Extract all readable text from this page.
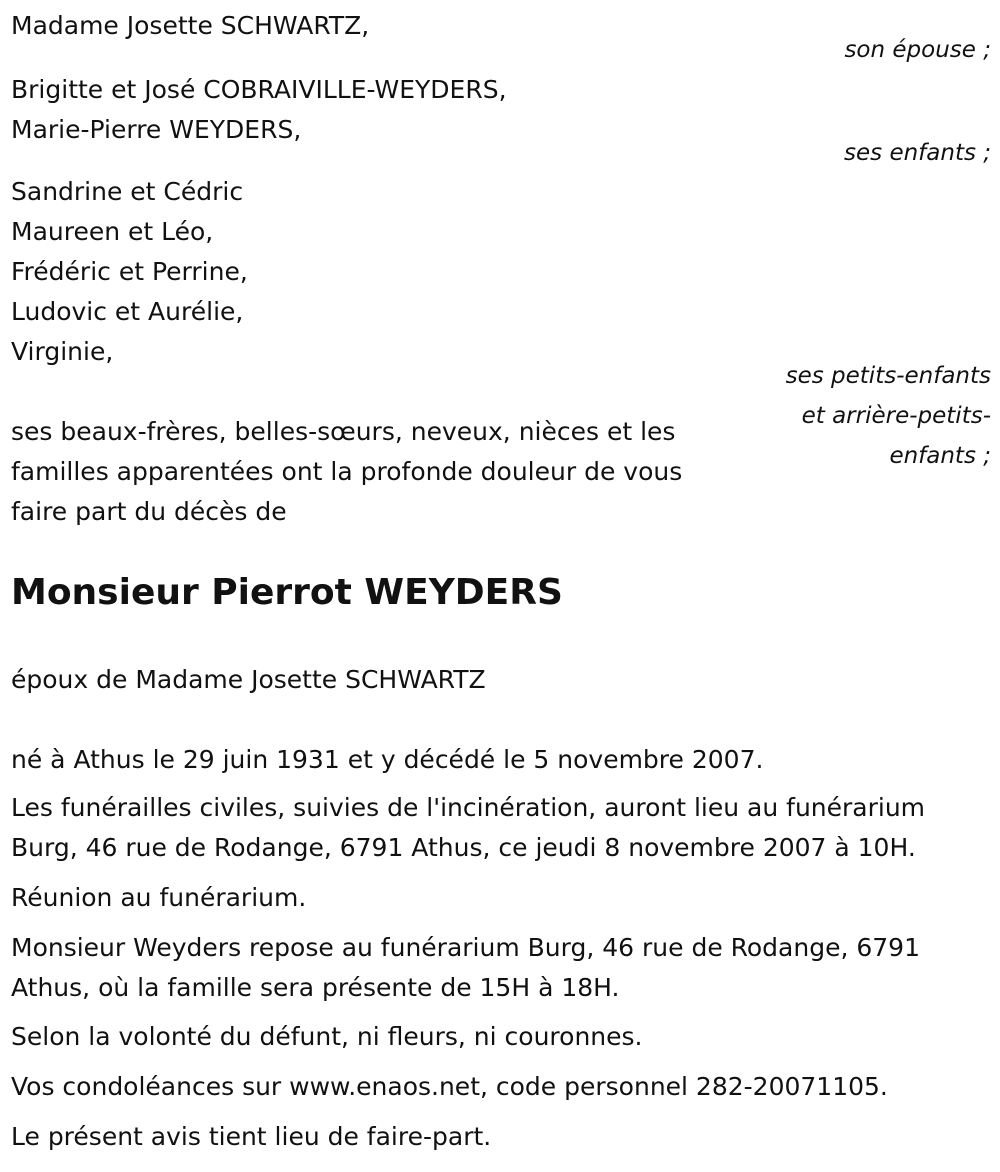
Madame Josette SCHWARTZ,
son épouse ;
Brigitte et José COBRAIVILLE-WEYDERS,
Marie-Pierre WEYDERS,
ses enfants ;
Sandrine et Cédric
Maureen et Léo,
Frédéric et Perrine,
Ludovic et Aurélie,
Virginie,
ses petits-enfants
et arrière-petits-
enfants ;
ses beaux-frères, belles-sœurs, neveux, nièces et les
familles apparentées ont la profonde douleur de vous
faire part du décès de
Monsieur Pierrot WEYDERS
époux de Madame Josette SCHWARTZ
né à Athus le 29 juin 1931 et y décédé le 5 novembre 2007.
Les funérailles civiles, suivies de l'incinération, auront lieu au funérarium Burg, 46 rue de Rodange, 6791 Athus, ce jeudi 8 novembre 2007 à 10H.
Réunion au funérarium.
Monsieur Weyders repose au funérarium Burg, 46 rue de Rodange, 6791 Athus, où la famille sera présente de 15H à 18H.
Selon la volonté du défunt, ni fleurs, ni couronnes.
Vos condoléances sur www.enaos.net, code personnel 282-20071105.
Le présent avis tient lieu de faire-part.
